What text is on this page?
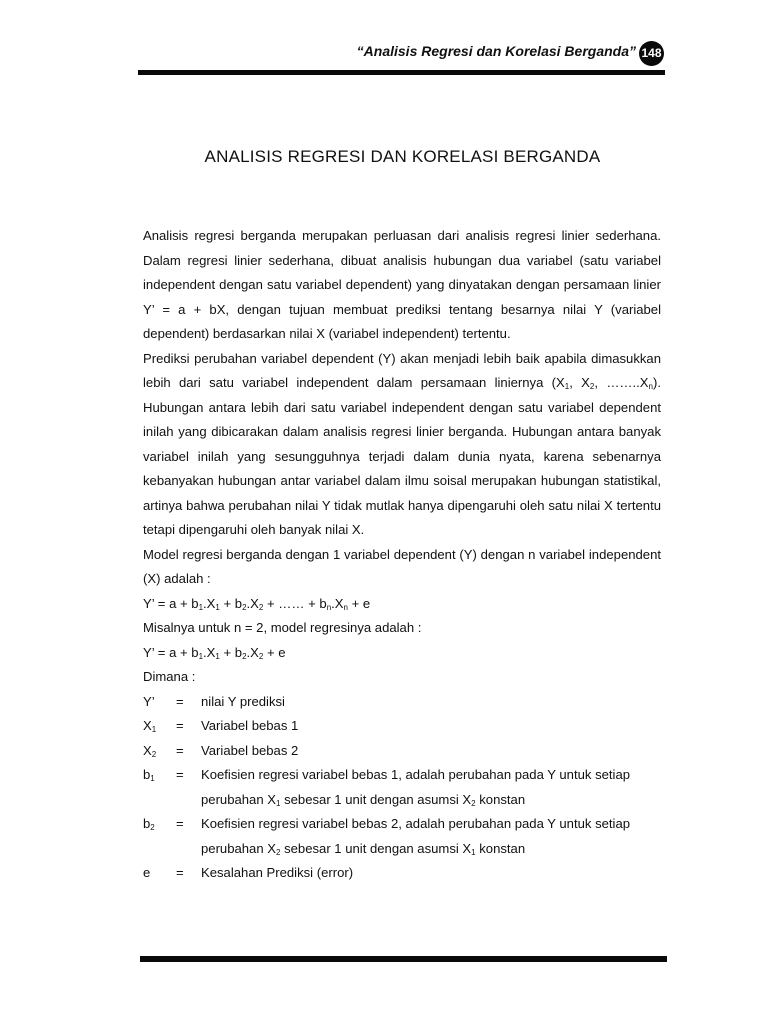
“Analisis Regresi dan Korelasi Berganda” 148
ANALISIS REGRESI DAN KORELASI BERGANDA

Analisis regresi berganda merupakan perluasan dari analisis regresi linier sederhana. Dalam regresi linier sederhana, dibuat analisis hubungan dua variabel (satu variabel independent dengan satu variabel dependent) yang dinyatakan dengan persamaan linier Y’ = a + bX, dengan tujuan membuat prediksi tentang besarnya nilai Y (variabel dependent) berdasarkan nilai X (variabel independent) tertentu.

Prediksi perubahan variabel dependent (Y) akan menjadi lebih baik apabila dimasukkan lebih dari satu variabel independent dalam persamaan liniernya ($X_1$, $X_2$, $\dots\dots..X_n$). Hubungan antara lebih dari satu variabel independent dengan satu variabel dependent inilah yang dibicarakan dalam analisis regresi linier berganda. Hubungan antara banyak variabel inilah yang sesungguhnya terjadi dalam dunia nyata, karena sebenarnya kebanyakan hubungan antar variabel dalam ilmu soisal merupakan hubungan statistikal, artinya bahwa perubahan nilai Y tidak mutlak hanya dipengaruhi oleh satu nilai X tertentu tetapi dipengaruhi oleh banyak nilai X.

Model regresi berganda dengan 1 variabel dependent (Y) dengan n variabel independent (X) adalah :

Y’ = $a + b_1.X_1 + b_2.X_2$ + …… + $b_n.X_n + e$

Misalnya untuk n = 2, model regresinya adalah :

Y’ = $a + b_1.X_1 + b_2.X_2 + e$

Dimana :

Y’	=	nilai Y prediksi
$X_1$	=	Variabel bebas 1
$X_2$	=	Variabel bebas 2
$b_1$	=	Koefisien regresi variabel bebas 1, adalah perubahan pada Y untuk setiap perubahan $X_1$ sebesar 1 unit dengan asumsi $X_2$ konstan
$b_2$	=	Koefisien regresi variabel bebas 2, adalah perubahan pada Y untuk setiap perubahan $X_2$ sebesar 1 unit dengan asumsi $X_1$ konstan
e	=	Kesalahan Prediksi (error)
